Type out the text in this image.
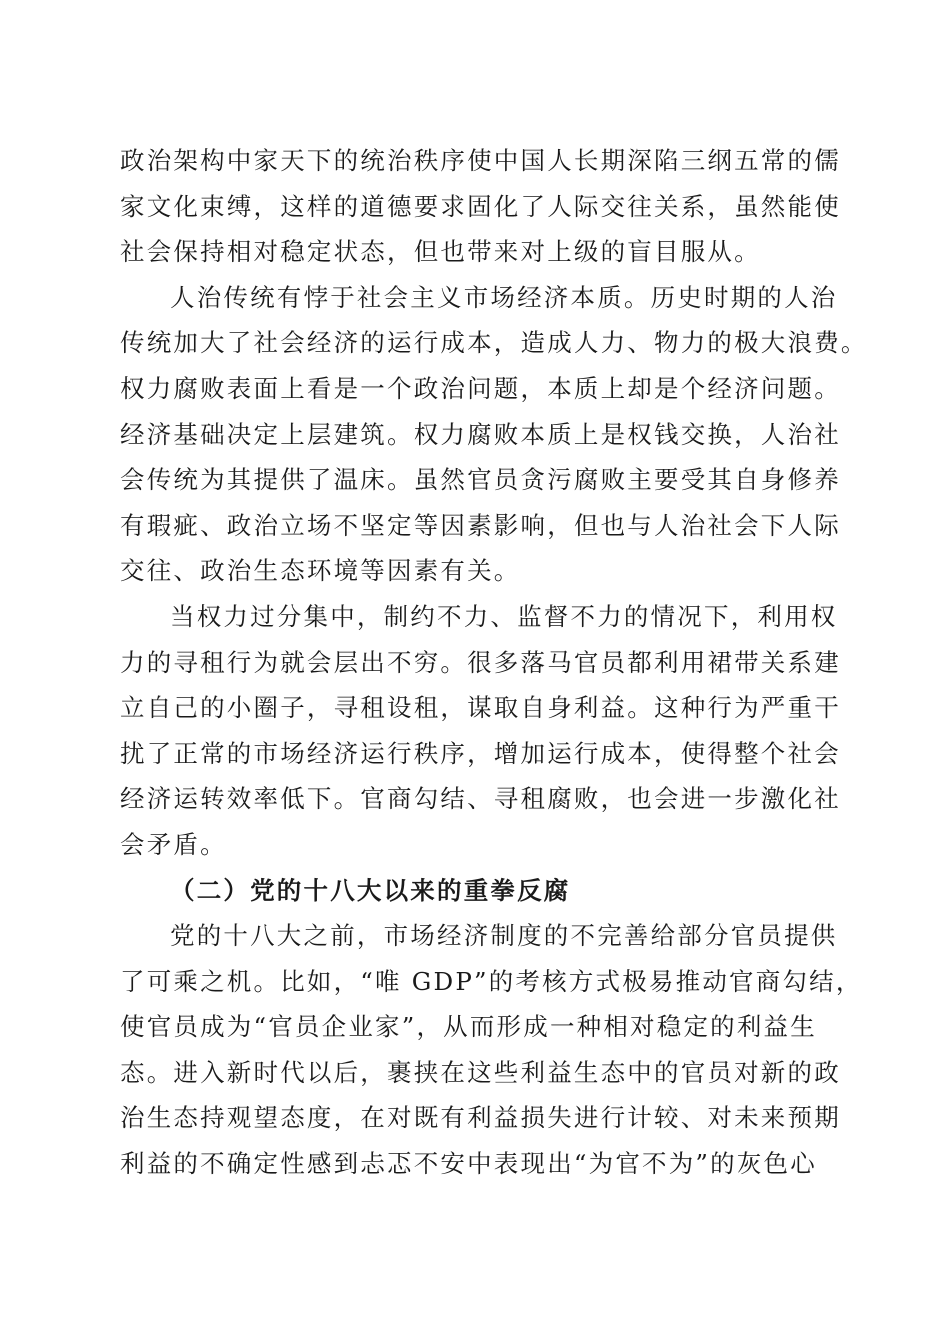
政治架构中家天下的统治秩序使中国人长期深陷三纲五常的儒
家文化束缚，这样的道德要求固化了人际交往关系，虽然能使
社会保持相对稳定状态，但也带来对上级的盲目服从。
人治传统有悖于社会主义市场经济本质。历史时期的人治
传统加大了社会经济的运行成本，造成人力、物力的极大浪费。
权力腐败表面上看是一个政治问题，本质上却是个经济问题。
经济基础决定上层建筑。权力腐败本质上是权钱交换，人治社
会传统为其提供了温床。虽然官员贪污腐败主要受其自身修养
有瑕疵、政治立场不坚定等因素影响，但也与人治社会下人际
交往、政治生态环境等因素有关。
当权力过分集中，制约不力、监督不力的情况下，利用权
力的寻租行为就会层出不穷。很多落马官员都利用裙带关系建
立自己的小圈子，寻租设租，谋取自身利益。这种行为严重干
扰了正常的市场经济运行秩序，增加运行成本，使得整个社会
经济运转效率低下。官商勾结、寻租腐败，也会进一步激化社
会矛盾。
（二）党的十八大以来的重拳反腐
党的十八大之前，市场经济制度的不完善给部分官员提供
了可乘之机。比如，“唯 GDP”的考核方式极易推动官商勾结，
使官员成为“官员企业家”，从而形成一种相对稳定的利益生
态。进入新时代以后，裹挟在这些利益生态中的官员对新的政
治生态持观望态度，在对既有利益损失进行计较、对未来预期
利益的不确定性感到忐忑不安中表现出“为官不为”的灰色心
